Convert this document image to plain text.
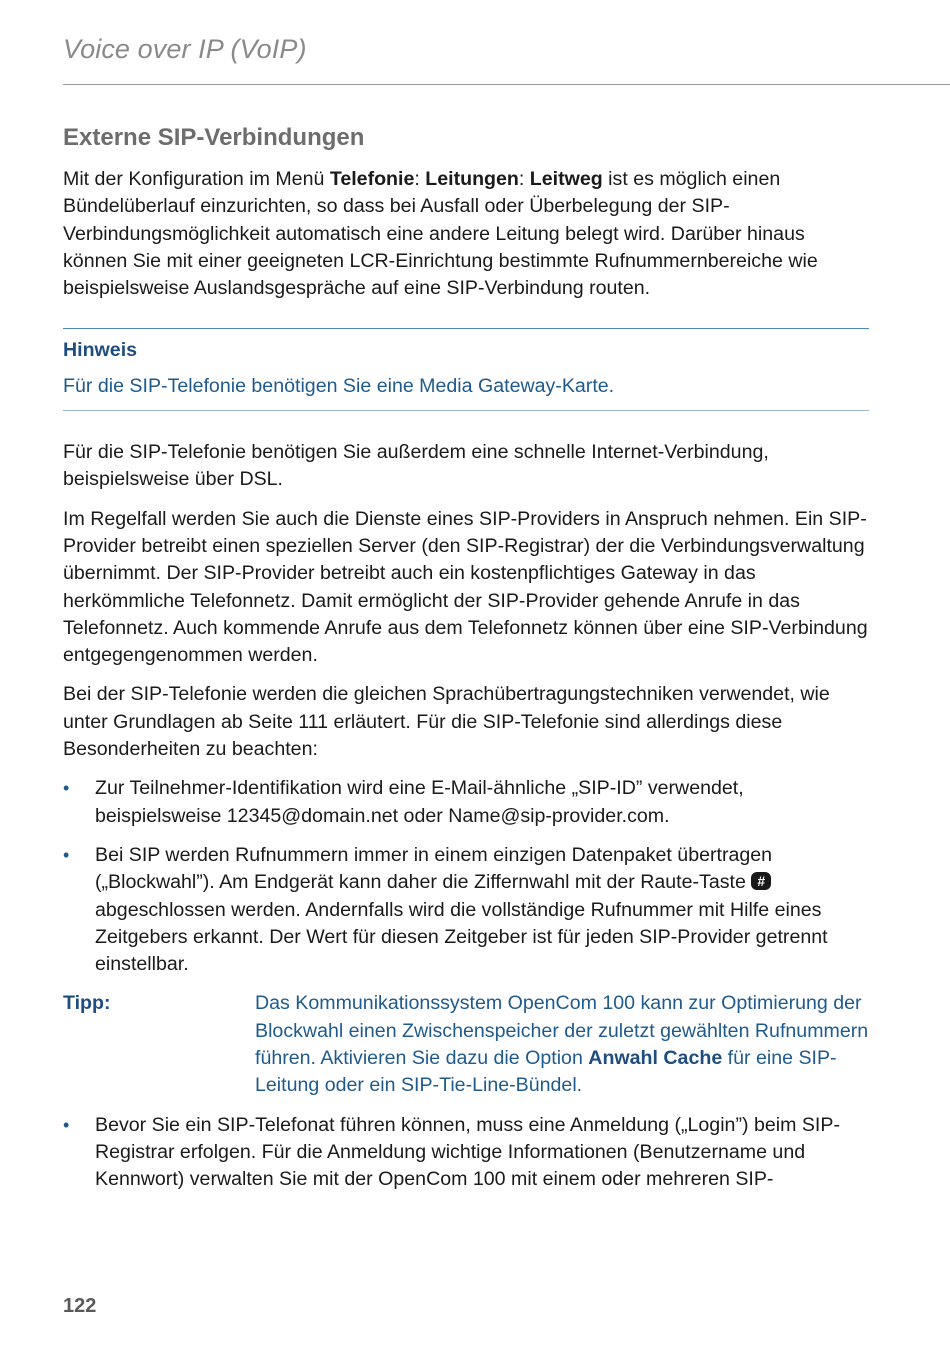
Voice over IP (VoIP)
Externe SIP-Verbindungen

Mit der Konfiguration im Menü Telefonie: Leitungen: Leitweg ist es möglich einen Bündelüberlauf einzurichten, so dass bei Ausfall oder Überbelegung der SIP-Verbindungsmöglichkeit automatisch eine andere Leitung belegt wird. Darüber hinaus können Sie mit einer geeigneten LCR-Einrichtung bestimmte Rufnummernbereiche wie beispielsweise Auslandsgespräche auf eine SIP-Verbindung routen.

Hinweis
Für die SIP-Telefonie benötigen Sie eine Media Gateway-Karte.

Für die SIP-Telefonie benötigen Sie außerdem eine schnelle Internet-Verbindung, beispielsweise über DSL.

Im Regelfall werden Sie auch die Dienste eines SIP-Providers in Anspruch nehmen. Ein SIP-Provider betreibt einen speziellen Server (den SIP-Registrar) der die Verbindungsverwaltung übernimmt. Der SIP-Provider betreibt auch ein kostenpflichtiges Gateway in das herkömmliche Telefonnetz. Damit ermöglicht der SIP-Provider gehende Anrufe in das Telefonnetz. Auch kommende Anrufe aus dem Telefonnetz können über eine SIP-Verbindung entgegengenommen werden.

Bei der SIP-Telefonie werden die gleichen Sprachübertragungstechniken verwendet, wie unter Grundlagen ab Seite 111 erläutert. Für die SIP-Telefonie sind allerdings diese Besonderheiten zu beachten:

• Zur Teilnehmer-Identifikation wird eine E-Mail-ähnliche „SIP-ID” verwendet, beispielsweise 12345@domain.net oder Name@sip-provider.com.
• Bei SIP werden Rufnummern immer in einem einzigen Datenpaket übertragen („Blockwahl”). Am Endgerät kann daher die Ziffernwahl mit der Raute-Taste # abgeschlossen werden. Andernfalls wird die vollständige Rufnummer mit Hilfe eines Zeitgebers erkannt. Der Wert für diesen Zeitgeber ist für jeden SIP-Provider getrennt einstellbar.
Tipp:	Das Kommunikationssystem OpenCom 100 kann zur Optimierung der Blockwahl einen Zwischenspeicher der zuletzt gewählten Rufnummern führen. Aktivieren Sie dazu die Option Anwahl Cache für eine SIP-Leitung oder ein SIP-Tie-Line-Bündel.
• Bevor Sie ein SIP-Telefonat führen können, muss eine Anmeldung („Login”) beim SIP-Registrar erfolgen. Für die Anmeldung wichtige Informationen (Benutzername und Kennwort) verwalten Sie mit der OpenCom 100 mit einem oder mehreren SIP-
122
